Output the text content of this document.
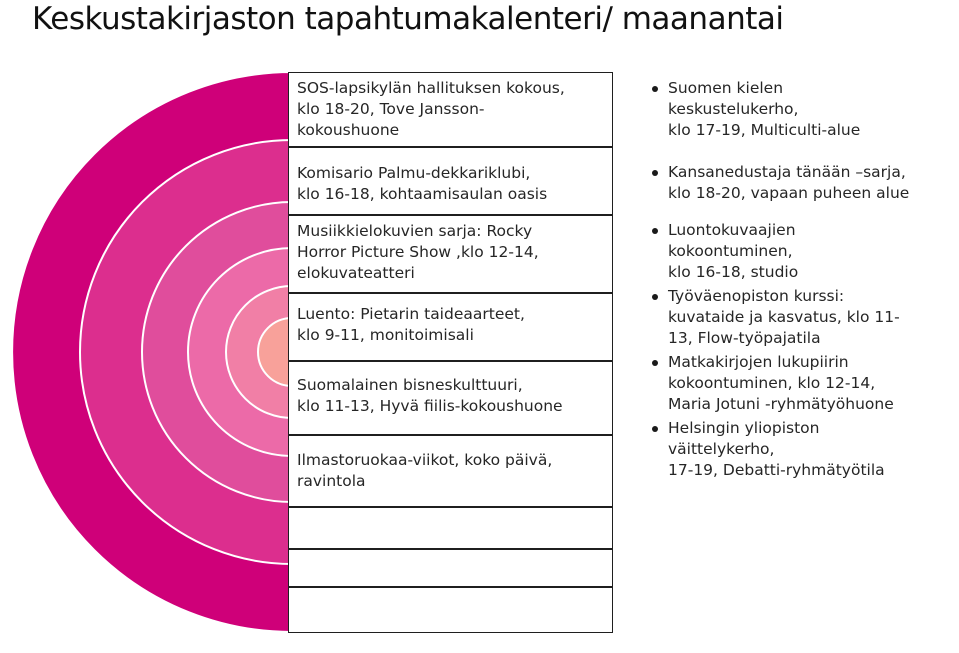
Keskustakirjaston tapahtumakalenteri/ maanantai
SOS-lapsikylän hallituksen kokous,
klo 18-20, Tove Jansson-
kokoushuone
Komisario Palmu-dekkariklubi,
klo 16-18, kohtaamisaulan oasis
Musiikkielokuvien sarja: Rocky
Horror Picture Show ,klo 12-14,
elokuvateatteri
Luento: Pietarin taideaarteet,
klo 9-11, monitoimisali
Suomalainen bisneskulttuuri,
klo 11-13, Hyvä fiilis-kokoushuone
Ilmastoruokaa-viikot, koko päivä,
ravintola
Suomen kielen
keskustelukerho,
klo 17-19, Multiculti-alue
Kansanedustaja tänään –sarja,
klo 18-20, vapaan puheen alue
Luontokuvaajien
kokoontuminen,
klo 16-18, studio
Työväenopiston kurssi:
kuvataide ja kasvatus, klo 11-
13, Flow-työpajatila
Matkakirjojen lukupiirin
kokoontuminen, klo 12-14,
Maria Jotuni -ryhmätyöhuone
Helsingin yliopiston
väittelykerho,
17-19, Debatti-ryhmätyötila
